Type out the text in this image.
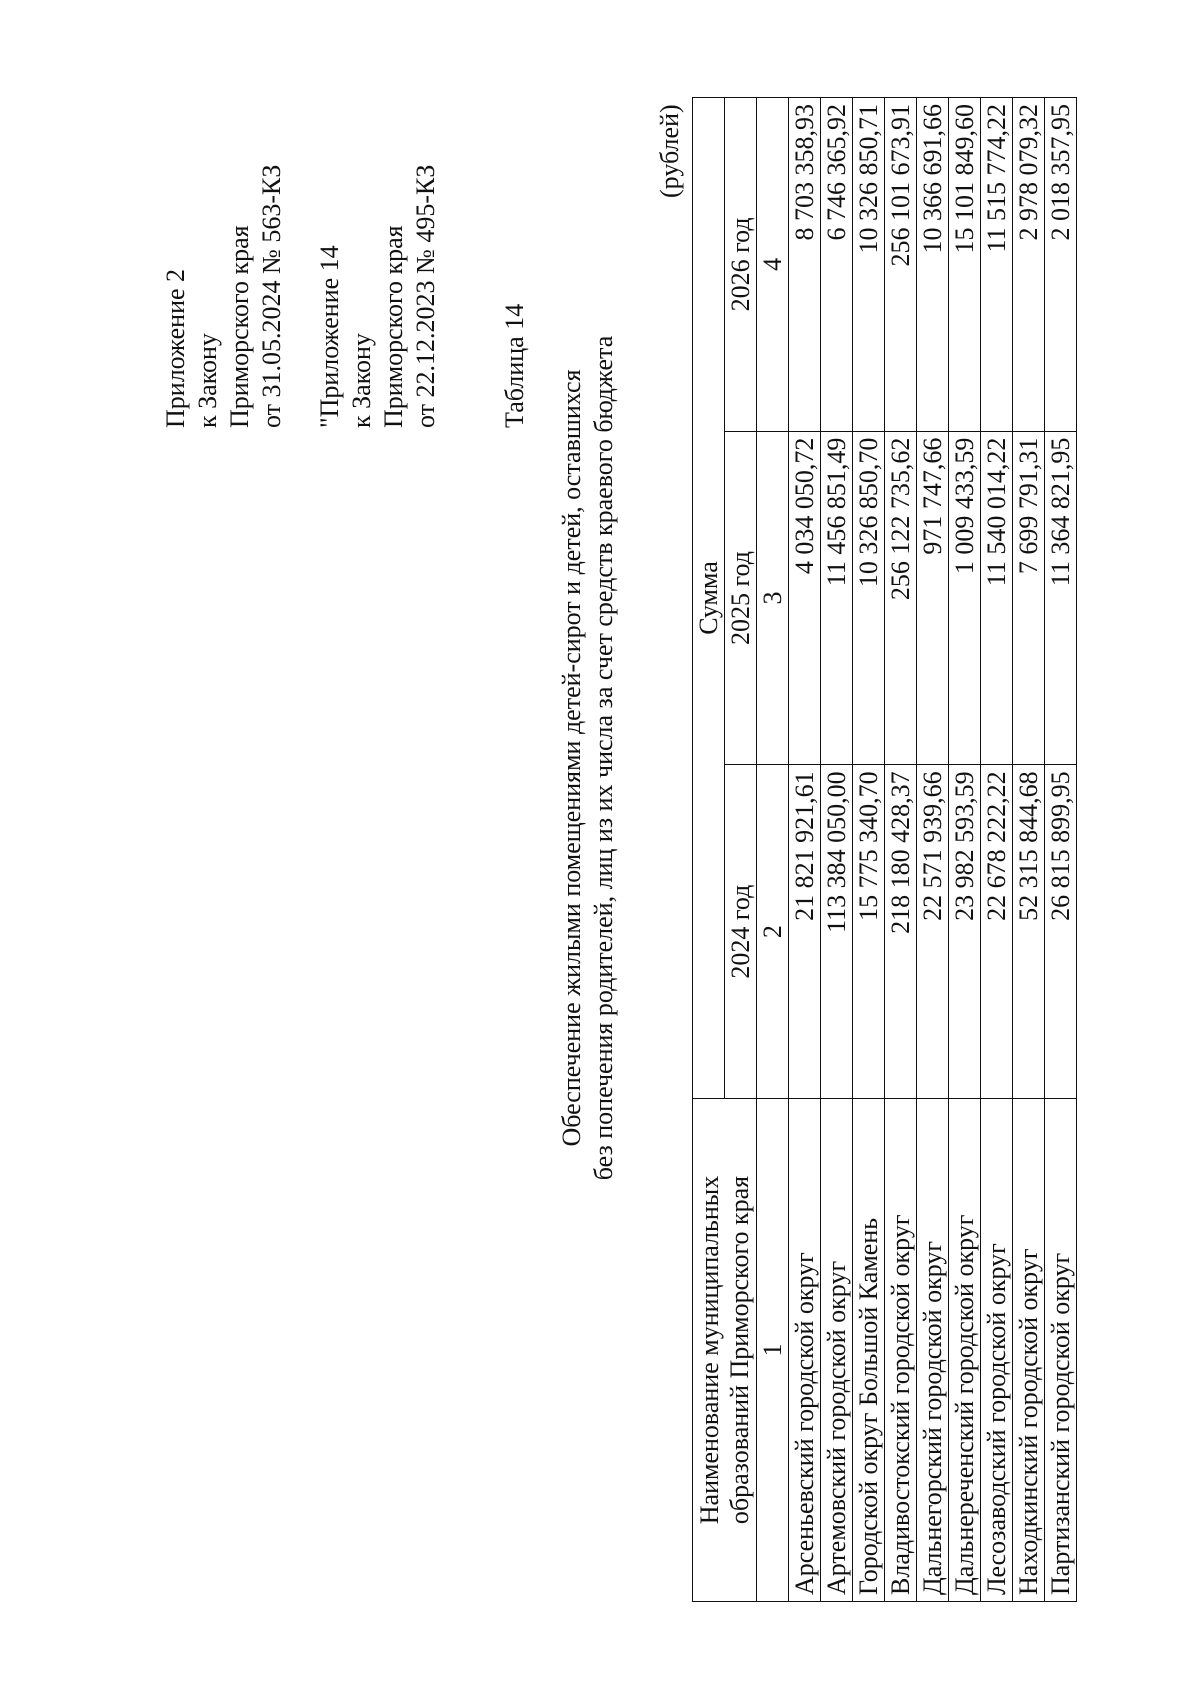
Приложение 2 к Закону Приморского края от 31.05.2024 № 563-КЗ "Приложение 14 к Закону Приморского края от 22.12.2023 № 495-КЗ Таблица 14

Обеспечение жилыми помещениями детей-сирот и детей, оставшихся без попечения родителей, лиц из их числа за счет средств краевого бюджета

(рублей)
Наименование муниципальных образований Приморского края	Сумма		
	2024 год	2025 год	2026 год
1	2	3	4
Арсеньевский городской округ	21 821 921,61	4 034 050,72	8 703 358,93
Артемовский городской округ	113 384 050,00	11 456 851,49	6 746 365,92
Городской округ Большой Камень	15 775 340,70	10 326 850,70	10 326 850,71
Владивостокский городской округ	218 180 428,37	256 122 735,62	256 101 673,91
Дальнегорский городской округ	22 571 939,66	971 747,66	10 366 691,66
Дальнереченский городской округ	23 982 593,59	1 009 433,59	15 101 849,60
Лесозаводский городской округ	22 678 222,22	11 540 014,22	11 515 774,22
Находкинский городской округ	52 315 844,68	7 699 791,31	2 978 079,32
Партизанский городской округ	26 815 899,95	11 364 821,95	2 018 357,95
